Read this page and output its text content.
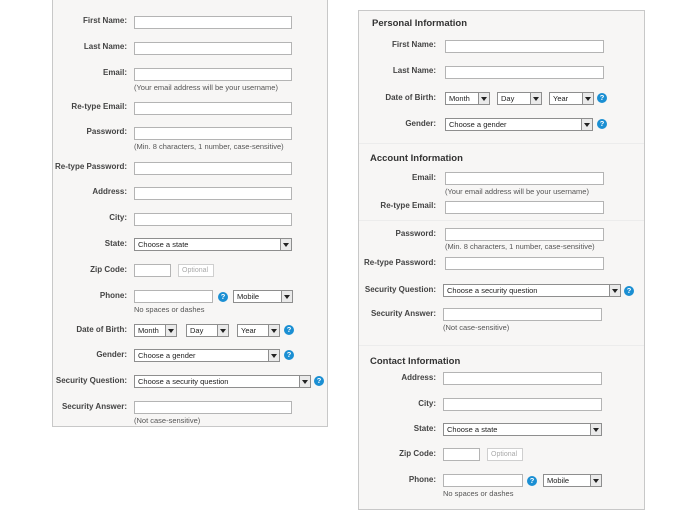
First Name:
Last Name:
Email:
(Your email address will be your username)
Re-type Email:
Password:
(Min. 8 characters, 1 number, case-sensitive)
Re-type Password:
Address:
City:
State:	Choose a state
Zip Code:	Optional
Phone:	?	Mobile
No spaces or dashes
Date of Birth:	Month	Day	Year	?
Gender:	Choose a gender	?
Security Question:	Choose a security question	?
Security Answer:
(Not case-sensitive)
Personal Information
First Name:
Last Name:
Date of Birth:	Month	Day	Year	?
Gender:	Choose a gender	?
Account Information
Email:
(Your email address will be your username)
Re-type Email:
Password:
(Min. 8 characters, 1 number, case-sensitive)
Re-type Password:
Security Question:	Choose a security question	?
Security Answer:
(Not case-sensitive)
Contact Information
Address:
City:
State:	Choose a state
Zip Code:	Optional
Phone:	?	Mobile
No spaces or dashes
